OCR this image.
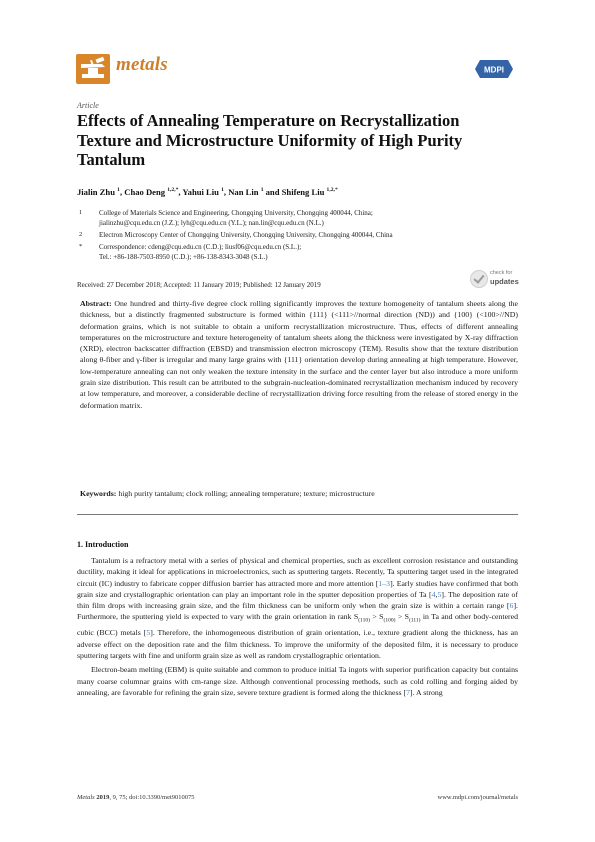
metals	MDPI
Article
Effects of Annealing Temperature on Recrystallization Texture and Microstructure Uniformity of High Purity Tantalum
Jialin Zhu $^1$, Chao Deng $^{1,2,*}$, Yahui Liu $^1$, Nan Lin $^1$ and Shifeng Liu $^{1,2,*}$
1	College of Materials Science and Engineering, Chongqing University, Chongqing 400044, China;
jialinzhu@cqu.edu.cn (J.Z.); lyh@cqu.edu.cn (Y.L.); nan.lin@cqu.edu.cn (N.L.)
2	Electron Microscopy Center of Chongqing University, Chongqing University, Chongqing 400044, China
*	Correspondence: cdeng@cqu.edu.cn (C.D.); liusf06@cqu.edu.cn (S.L.);
Tel.: +86-188-7503-8950 (C.D.); +86-138-8343-3048 (S.L.)
check for
updates
Received: 27 December 2018; Accepted: 11 January 2019; Published: 12 January 2019
Abstract: One hundred and thirty-five degree clock rolling significantly improves the texture homogeneity of tantalum sheets along the thickness, but a distinctly fragmented substructure is formed within {111} (<111>//normal direction (ND)) and {100} (<100>//ND) deformation grains, which is not suitable to obtain a uniform recrystallization microstructure. Thus, effects of different annealing temperatures on the microstructure and texture heterogeneity of tantalum sheets along the thickness were investigated by X-ray diffraction (XRD), electron backscatter diffraction (EBSD) and transmission electron microscopy (TEM). Results show that the texture distribution along θ-fiber and γ-fiber is irregular and many large grains with {111} orientation develop during annealing at high temperature. However, low-temperature annealing can not only weaken the texture intensity in the surface and the center layer but also introduce a more uniform grain size distribution. This result can be attributed to the subgrain-nucleation-dominated recrystallization mechanism induced by recovery at low temperature, and moreover, a considerable decline of recrystallization driving force resulting from the release of stored energy in the deformation matrix.
Keywords: high purity tantalum; clock rolling; annealing temperature; texture; microstructure
1. Introduction

Tantalum is a refractory metal with a series of physical and chemical properties, such as excellent corrosion resistance and outstanding ductility, making it ideal for applications in microelectronics, such as sputtering targets. Recently, Ta sputtering target used in the integrated circuit (IC) industry to fabricate copper diffusion barrier has attracted more and more attention [1–3]. Early studies have confirmed that both grain size and crystallographic orientation can play an important role in the sputter deposition properties of Ta [4,5]. The deposition rate of thin film drops with increasing grain size, and the film thickness can be uniform only when the grain size is within a certain range [6]. Furthermore, the sputtering yield is expected to vary with the grain orientation in rank $S_{(110)} > S_{(100)} > S_{(111)}$ in Ta and other body-centered cubic (BCC) metals [5]. Therefore, the inhomogeneous distribution of grain orientation, i.e., texture gradient along the thickness, has an adverse effect on the deposition rate and the film thickness. To improve the uniformity of the deposited film, it is necessary to produce sputtering targets with fine and uniform grain size as well as random crystallographic orientation.

Electron-beam melting (EBM) is quite suitable and common to produce initial Ta ingots with superior purification capacity but contains many coarse columnar grains with cm-range size. Although conventional processing methods, such as cold rolling and forging aided by annealing, are favorable for refining the grain size, severe texture gradient is formed along the thickness [7]. A strong

Metals 2019, 9, 75; doi:10.3390/met9010075	www.mdpi.com/journal/metals
